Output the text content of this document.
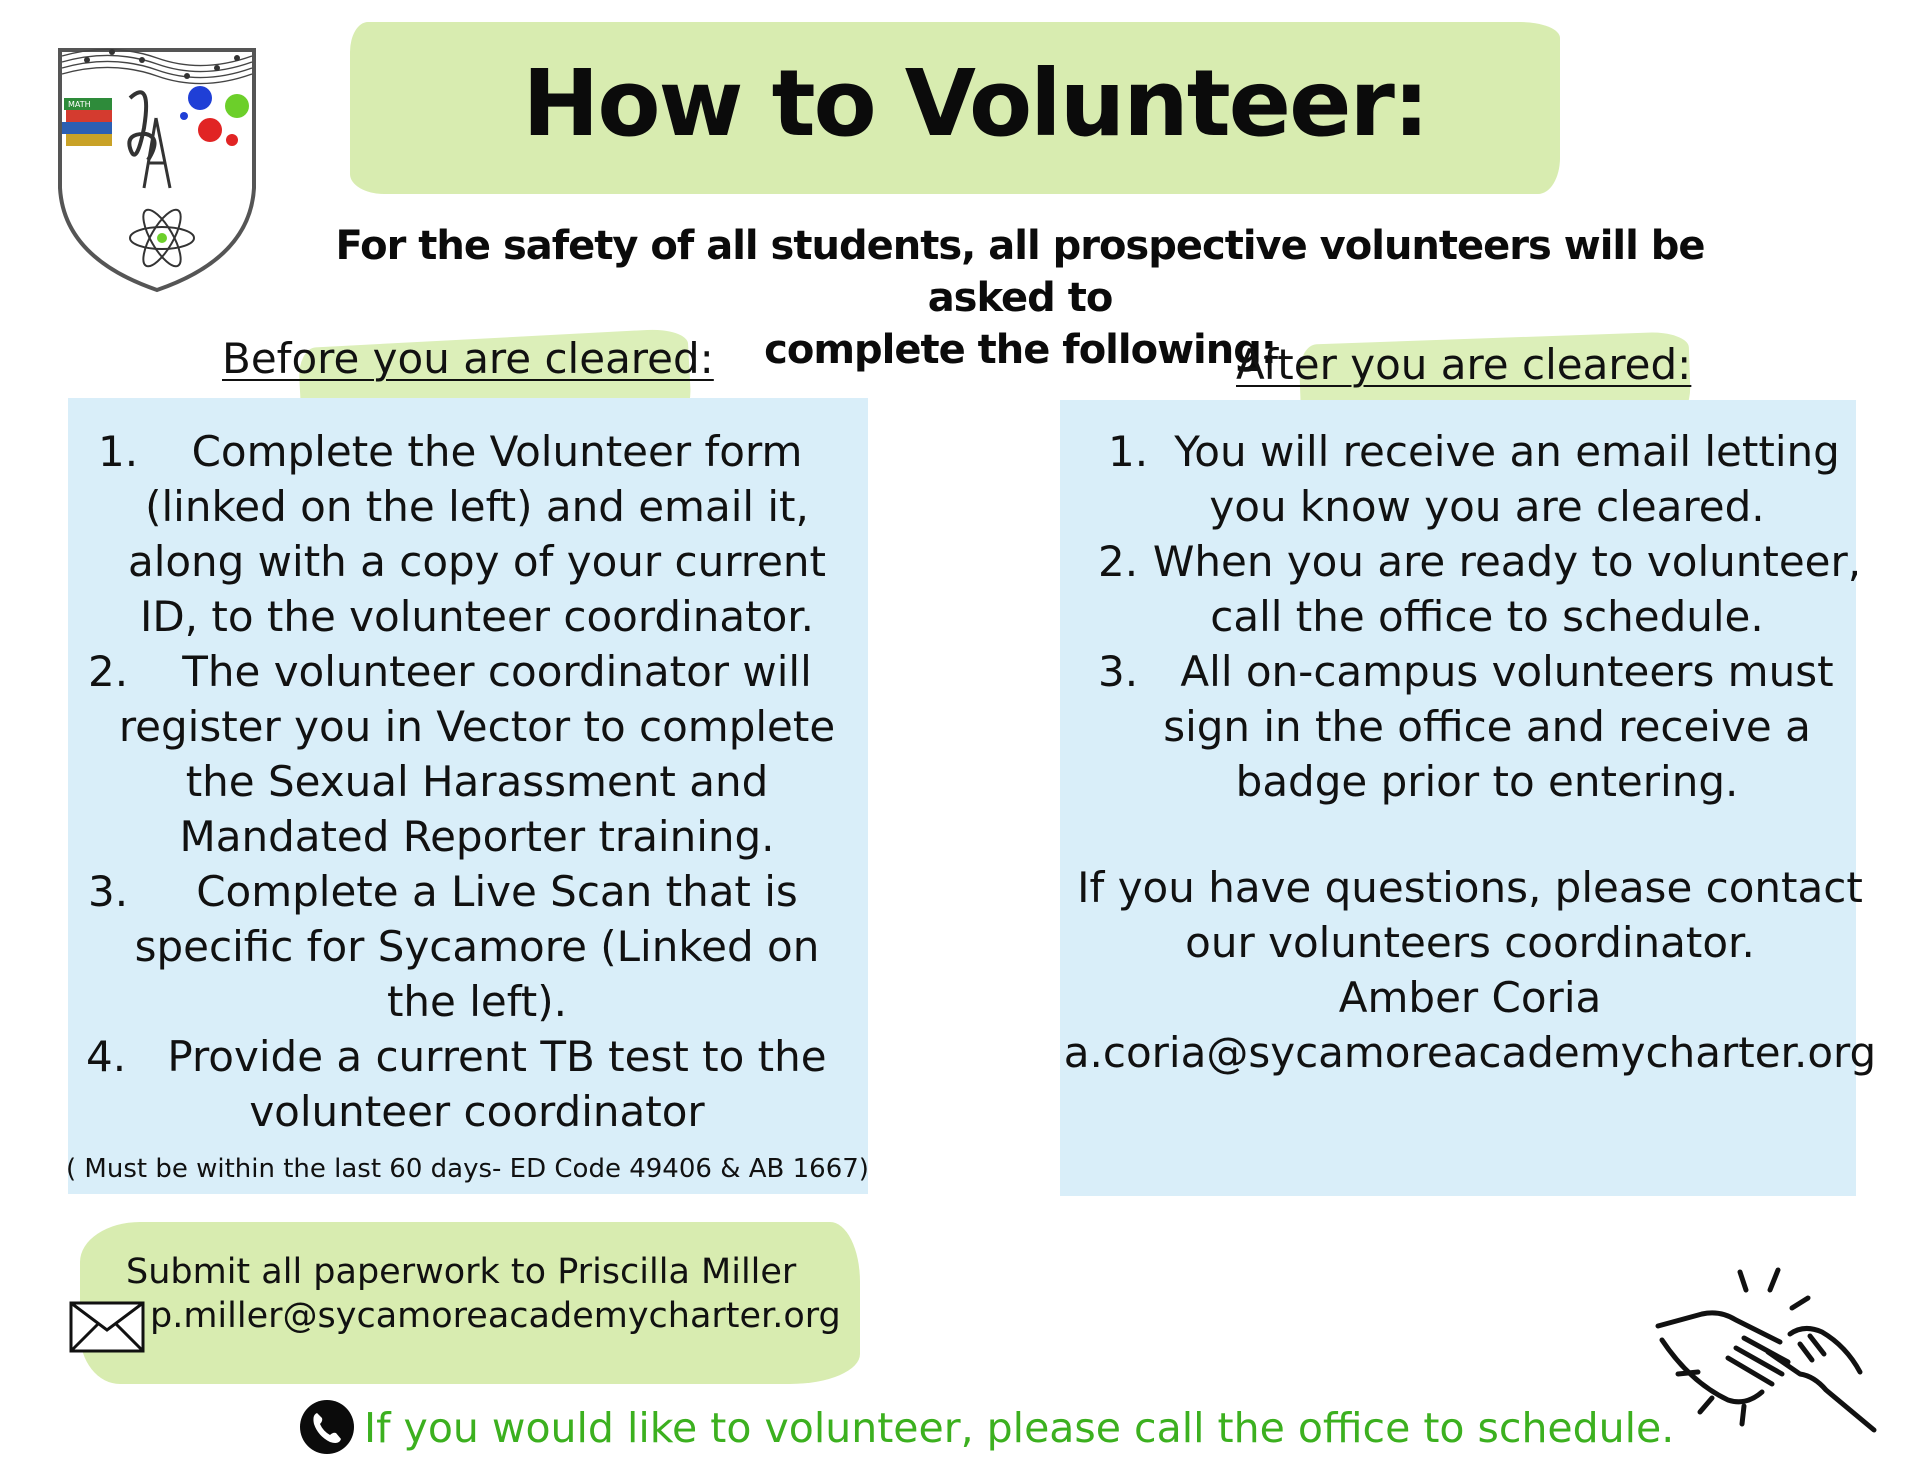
MATH	How to Volunteer:
For the safety of all students, all prospective volunteers will be asked to
complete the following:
Before you are cleared:
1.	Complete the Volunteer form
(linked on the left) and email it,
along with a copy of your current
ID, to the volunteer coordinator.
2.	The volunteer coordinator will
register you in Vector to complete
the Sexual Harassment and
Mandated Reporter training.
3.	Complete a Live Scan that is
specific for Sycamore (Linked on
the left).
4. Provide a current TB test to the
volunteer coordinator
( Must be within the last 60 days- ED Code 49406 & AB 1667)
After you are cleared:
1. You will receive an email letting
you know you are cleared.
2. When you are ready to volunteer,
call the office to schedule.
3.	All on-campus volunteers must
sign in the office and receive a
badge prior to entering.
If you have questions, please contact
our volunteers coordinator.
Amber Coria
a.coria@sycamoreacademycharter.org
Submit all paperwork to Priscilla Miller
p.miller@sycamoreacademycharter.org
If you would like to volunteer, please call the office to schedule.
